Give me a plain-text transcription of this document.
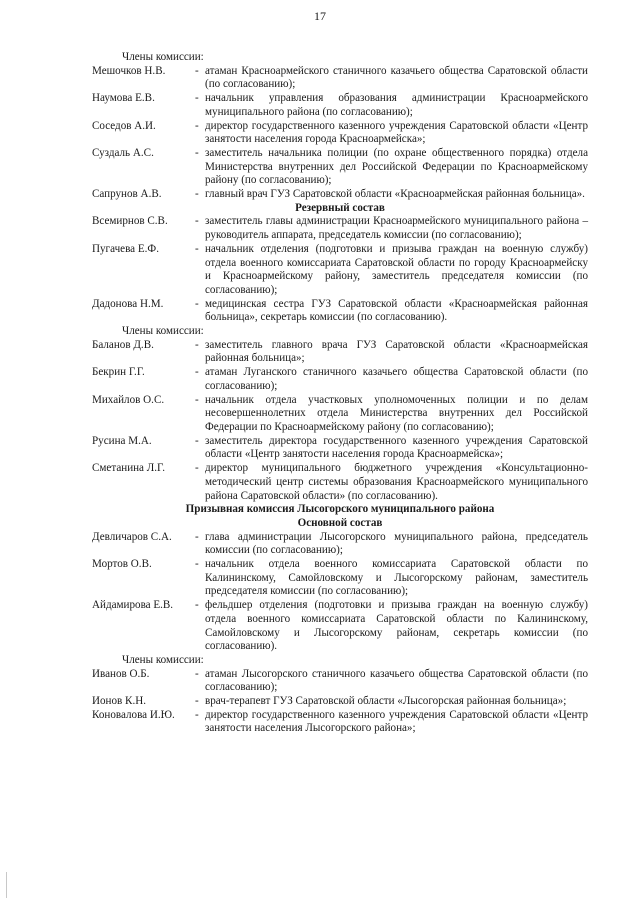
17
Члены комиссии:
Мешочков Н.В.	- атаман Красноармейского станичного казачьего общества Саратовской области (по согласованию);
Наумова Е.В.	- начальник управления образования администрации Красноармейского муниципального района (по согласованию);
Соседов А.И.	- директор государственного казенного учреждения Саратовской области «Центр занятости населения города Красноармейска»;
Суздаль А.С.	- заместитель начальника полиции (по охране общественного порядка) отдела Министерства внутренних дел Российской Федерации по Красноармейскому району (по согласованию);
Сапрунов А.В.	- главный врач ГУЗ Саратовской области «Красноармейская районная больница».
Резервный состав
Всемирнов С.В.	- заместитель главы администрации Красноармейского муниципального района – руководитель аппарата, председатель комиссии (по согласованию);
Пугачева Е.Ф.	- начальник отделения (подготовки и призыва граждан на военную службу) отдела военного комиссариата Саратовской области по городу Красноармейску и Красноармейскому району, заместитель председателя комиссии (по согласованию);
Дадонова Н.М.	- медицинская сестра ГУЗ Саратовской области «Красноармейская районная больница», секретарь комиссии (по согласованию).
Члены комиссии:
Баланов Д.В.	- заместитель главного врача ГУЗ Саратовской области «Красноармейская районная больница»;
Бекрин Г.Г.	- атаман Луганского станичного казачьего общества Саратовской области (по согласованию);
Михайлов О.С.	- начальник отдела участковых уполномоченных полиции и по делам несовершеннолетних отдела Министерства внутренних дел Российской Федерации по Красноармейскому району (по согласованию);
Русина М.А.	- заместитель директора государственного казенного учреждения Саратовской области «Центр занятости населения города Красноармейска»;
Сметанина Л.Г.	- директор муниципального бюджетного учреждения «Консультационно- методический центр системы образования Красноармейского муниципального района Саратовской области» (по согласованию).
Призывная комиссия Лысогорского муниципального района
Основной состав
Девличаров С.А.	- глава администрации Лысогорского муниципального района, председатель комиссии (по согласованию);
Мортов О.В.	- начальник отдела военного комиссариата Саратовской области по Калининскому, Самойловскому и Лысогорскому районам, заместитель председателя комиссии (по согласованию);
Айдамирова Е.В.	- фельдшер отделения (подготовки и призыва граждан на военную службу) отдела военного комиссариата Саратовской области по Калининскому, Самойловскому и Лысогорскому районам, секретарь комиссии (по согласованию).
Члены комиссии:
Иванов О.Б.	- атаман Лысогорского станичного казачьего общества Саратовской области (по согласованию);
Ионов К.Н.	- врач-терапевт ГУЗ Саратовской области «Лысогорская районная больница»;
Коновалова И.Ю.	- директор государственного казенного учреждения Саратовской области «Центр занятости населения Лысогорского района»;
